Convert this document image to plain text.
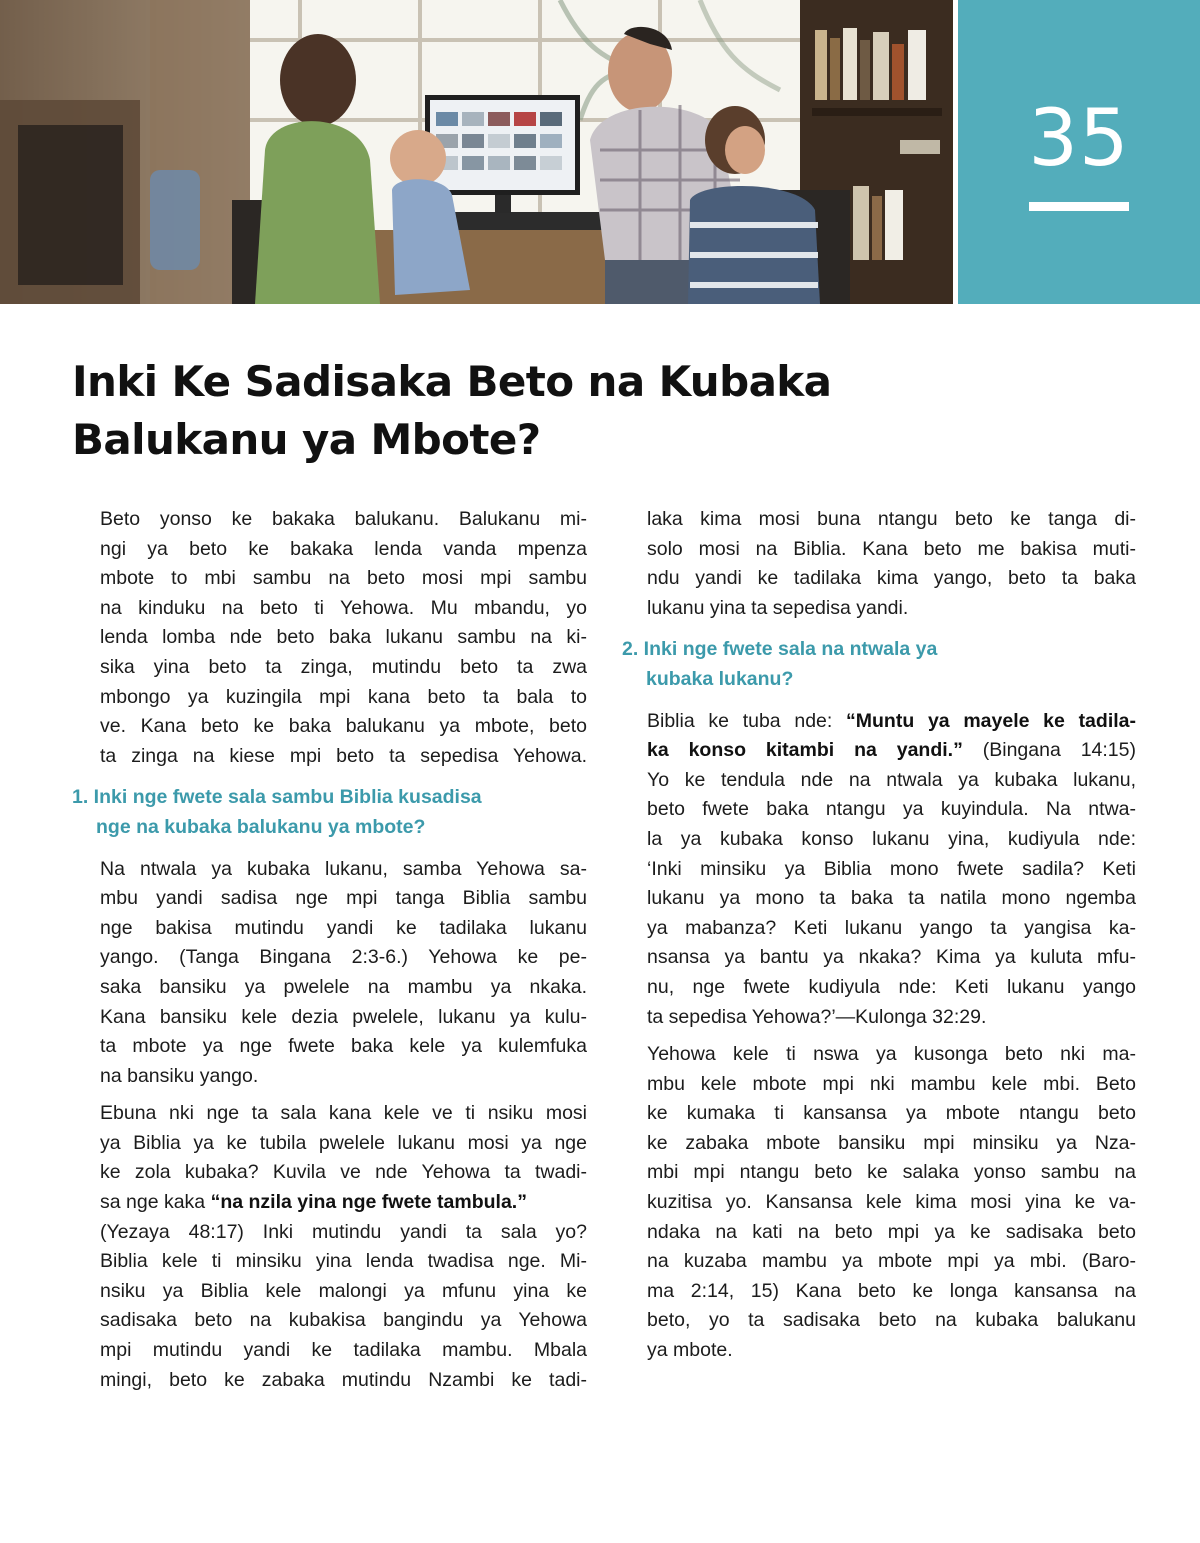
35
Inki Ke Sadisaka Beto na Kubaka
Balukanu ya Mbote?
Beto yonso ke bakaka balukanu. Balukanu mi-
ngi ya beto ke bakaka lenda vanda mpenza
mbote to mbi sambu na beto mosi mpi sambu
na kinduku na beto ti Yehowa. Mu mbandu, yo
lenda lomba nde beto baka lukanu sambu na ki-
sika yina beto ta zinga, mutindu beto ta zwa
mbongo ya kuzingila mpi kana beto ta bala to
ve. Kana beto ke baka balukanu ya mbote, beto
ta zinga na kiese mpi beto ta sepedisa Yehowa.
1. Inki nge fwete sala sambu Biblia kusadisa
nge na kubaka balukanu ya mbote?
Na ntwala ya kubaka lukanu, samba Yehowa sa-
mbu yandi sadisa nge mpi tanga Biblia sambu
nge bakisa mutindu yandi ke tadilaka lukanu
yango. (Tanga Bingana 2:3-6.) Yehowa ke pe-
saka bansiku ya pwelele na mambu ya nkaka.
Kana bansiku kele dezia pwelele, lukanu ya kulu-
ta mbote ya nge fwete baka kele ya kulemfuka
na bansiku yango.
Ebuna nki nge ta sala kana kele ve ti nsiku mosi
ya Biblia ya ke tubila pwelele lukanu mosi ya nge
ke zola kubaka? Kuvila ve nde Yehowa ta twadi-
sa nge kaka “na nzila yina nge fwete tambula.”
(Yezaya 48:17) Inki mutindu yandi ta sala yo?
Biblia kele ti minsiku yina lenda twadisa nge. Mi-
nsiku ya Biblia kele malongi ya mfunu yina ke
sadisaka beto na kubakisa bangindu ya Yehowa
mpi mutindu yandi ke tadilaka mambu. Mbala
mingi, beto ke zabaka mutindu Nzambi ke tadi-
laka kima mosi buna ntangu beto ke tanga di-
solo mosi na Biblia. Kana beto me bakisa muti-
ndu yandi ke tadilaka kima yango, beto ta baka
lukanu yina ta sepedisa yandi.
2. Inki nge fwete sala na ntwala ya
kubaka lukanu?
Biblia ke tuba nde: “Muntu ya mayele ke tadila-
ka konso kitambi na yandi.” (Bingana 14:15)
Yo ke tendula nde na ntwala ya kubaka lukanu,
beto fwete baka ntangu ya kuyindula. Na ntwa-
la ya kubaka konso lukanu yina, kudiyula nde:
‘Inki minsiku ya Biblia mono fwete sadila? Keti
lukanu ya mono ta baka ta natila mono ngemba
ya mabanza? Keti lukanu yango ta yangisa ka-
nsansa ya bantu ya nkaka? Kima ya kuluta mfu-
nu, nge fwete kudiyula nde: Keti lukanu yango
ta sepedisa Yehowa?’—Kulonga 32:29.
Yehowa kele ti nswa ya kusonga beto nki ma-
mbu kele mbote mpi nki mambu kele mbi. Beto
ke kumaka ti kansansa ya mbote ntangu beto
ke zabaka mbote bansiku mpi minsiku ya Nza-
mbi mpi ntangu beto ke salaka yonso sambu na
kuzitisa yo. Kansansa kele kima mosi yina ke va-
ndaka na kati na beto mpi ya ke sadisaka beto
na kuzaba mambu ya mbote mpi ya mbi. (Baro-
ma 2:14, 15) Kana beto ke longa kansansa na
beto, yo ta sadisaka beto na kubaka balukanu
ya mbote.
